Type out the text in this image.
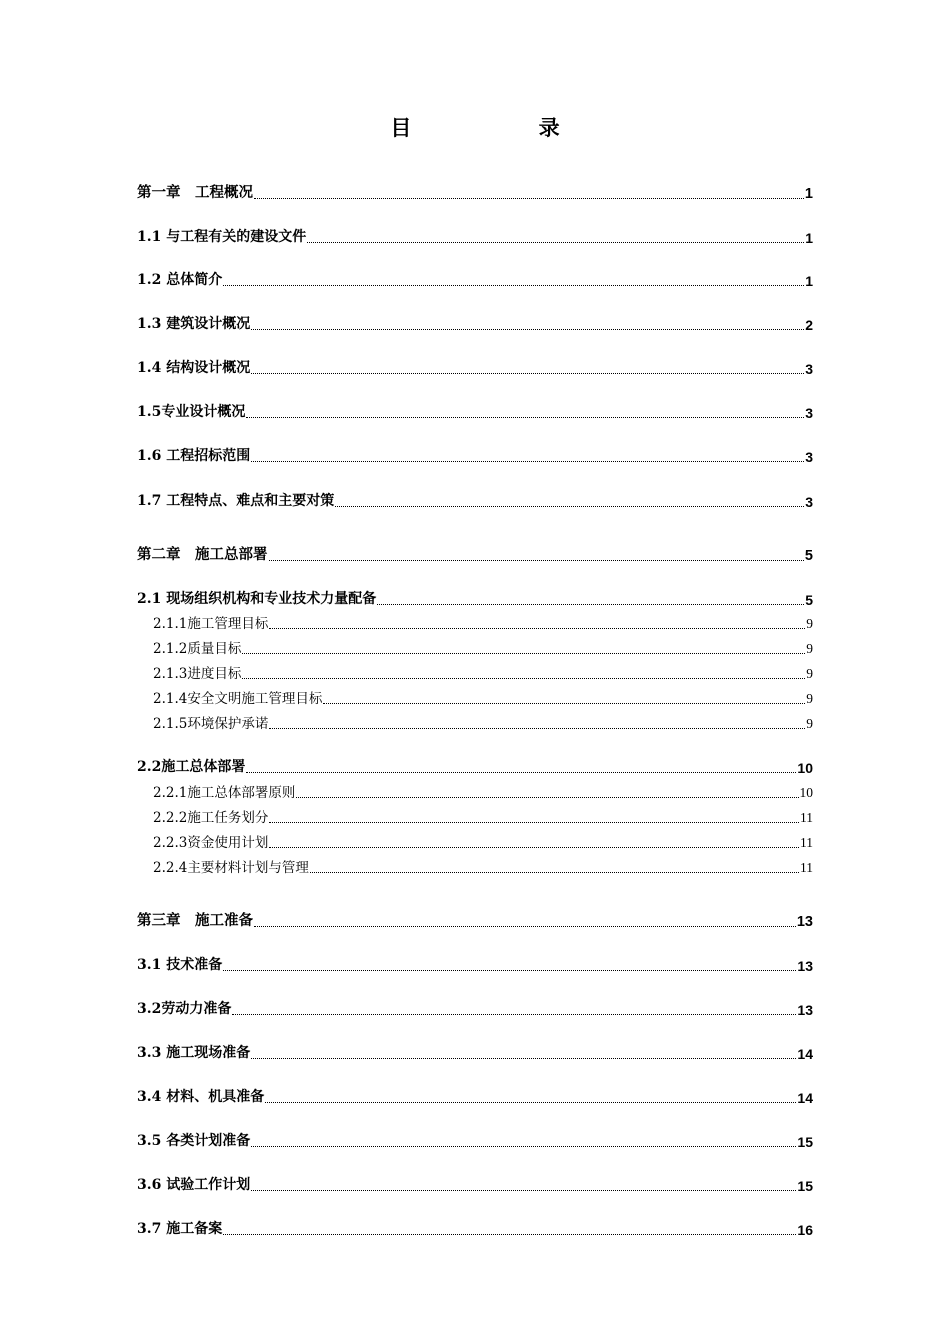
目 录
第一章　工程概况	1
1.1 与工程有关的建设文件	1
1.2 总体简介	1
1.3 建筑设计概况	2
1.4 结构设计概况	3
1.5专业设计概况	3
1.6 工程招标范围	3
1.7 工程特点、难点和主要对策	3
第二章　施工总部署	5
2.1 现场组织机构和专业技术力量配备	5
2.1.1施工管理目标	9
2.1.2质量目标	9
2.1.3进度目标	9
2.1.4安全文明施工管理目标	9
2.1.5环境保护承诺	9
2.2施工总体部署	10
2.2.1施工总体部署原则	10
2.2.2施工任务划分	11
2.2.3资金使用计划	11
2.2.4主要材料计划与管理	11
第三章　施工准备	13
3.1 技术准备	13
3.2劳动力准备	13
3.3 施工现场准备	14
3.4 材料、机具准备	14
3.5 各类计划准备	15
3.6 试验工作计划	15
3.7 施工备案	16
